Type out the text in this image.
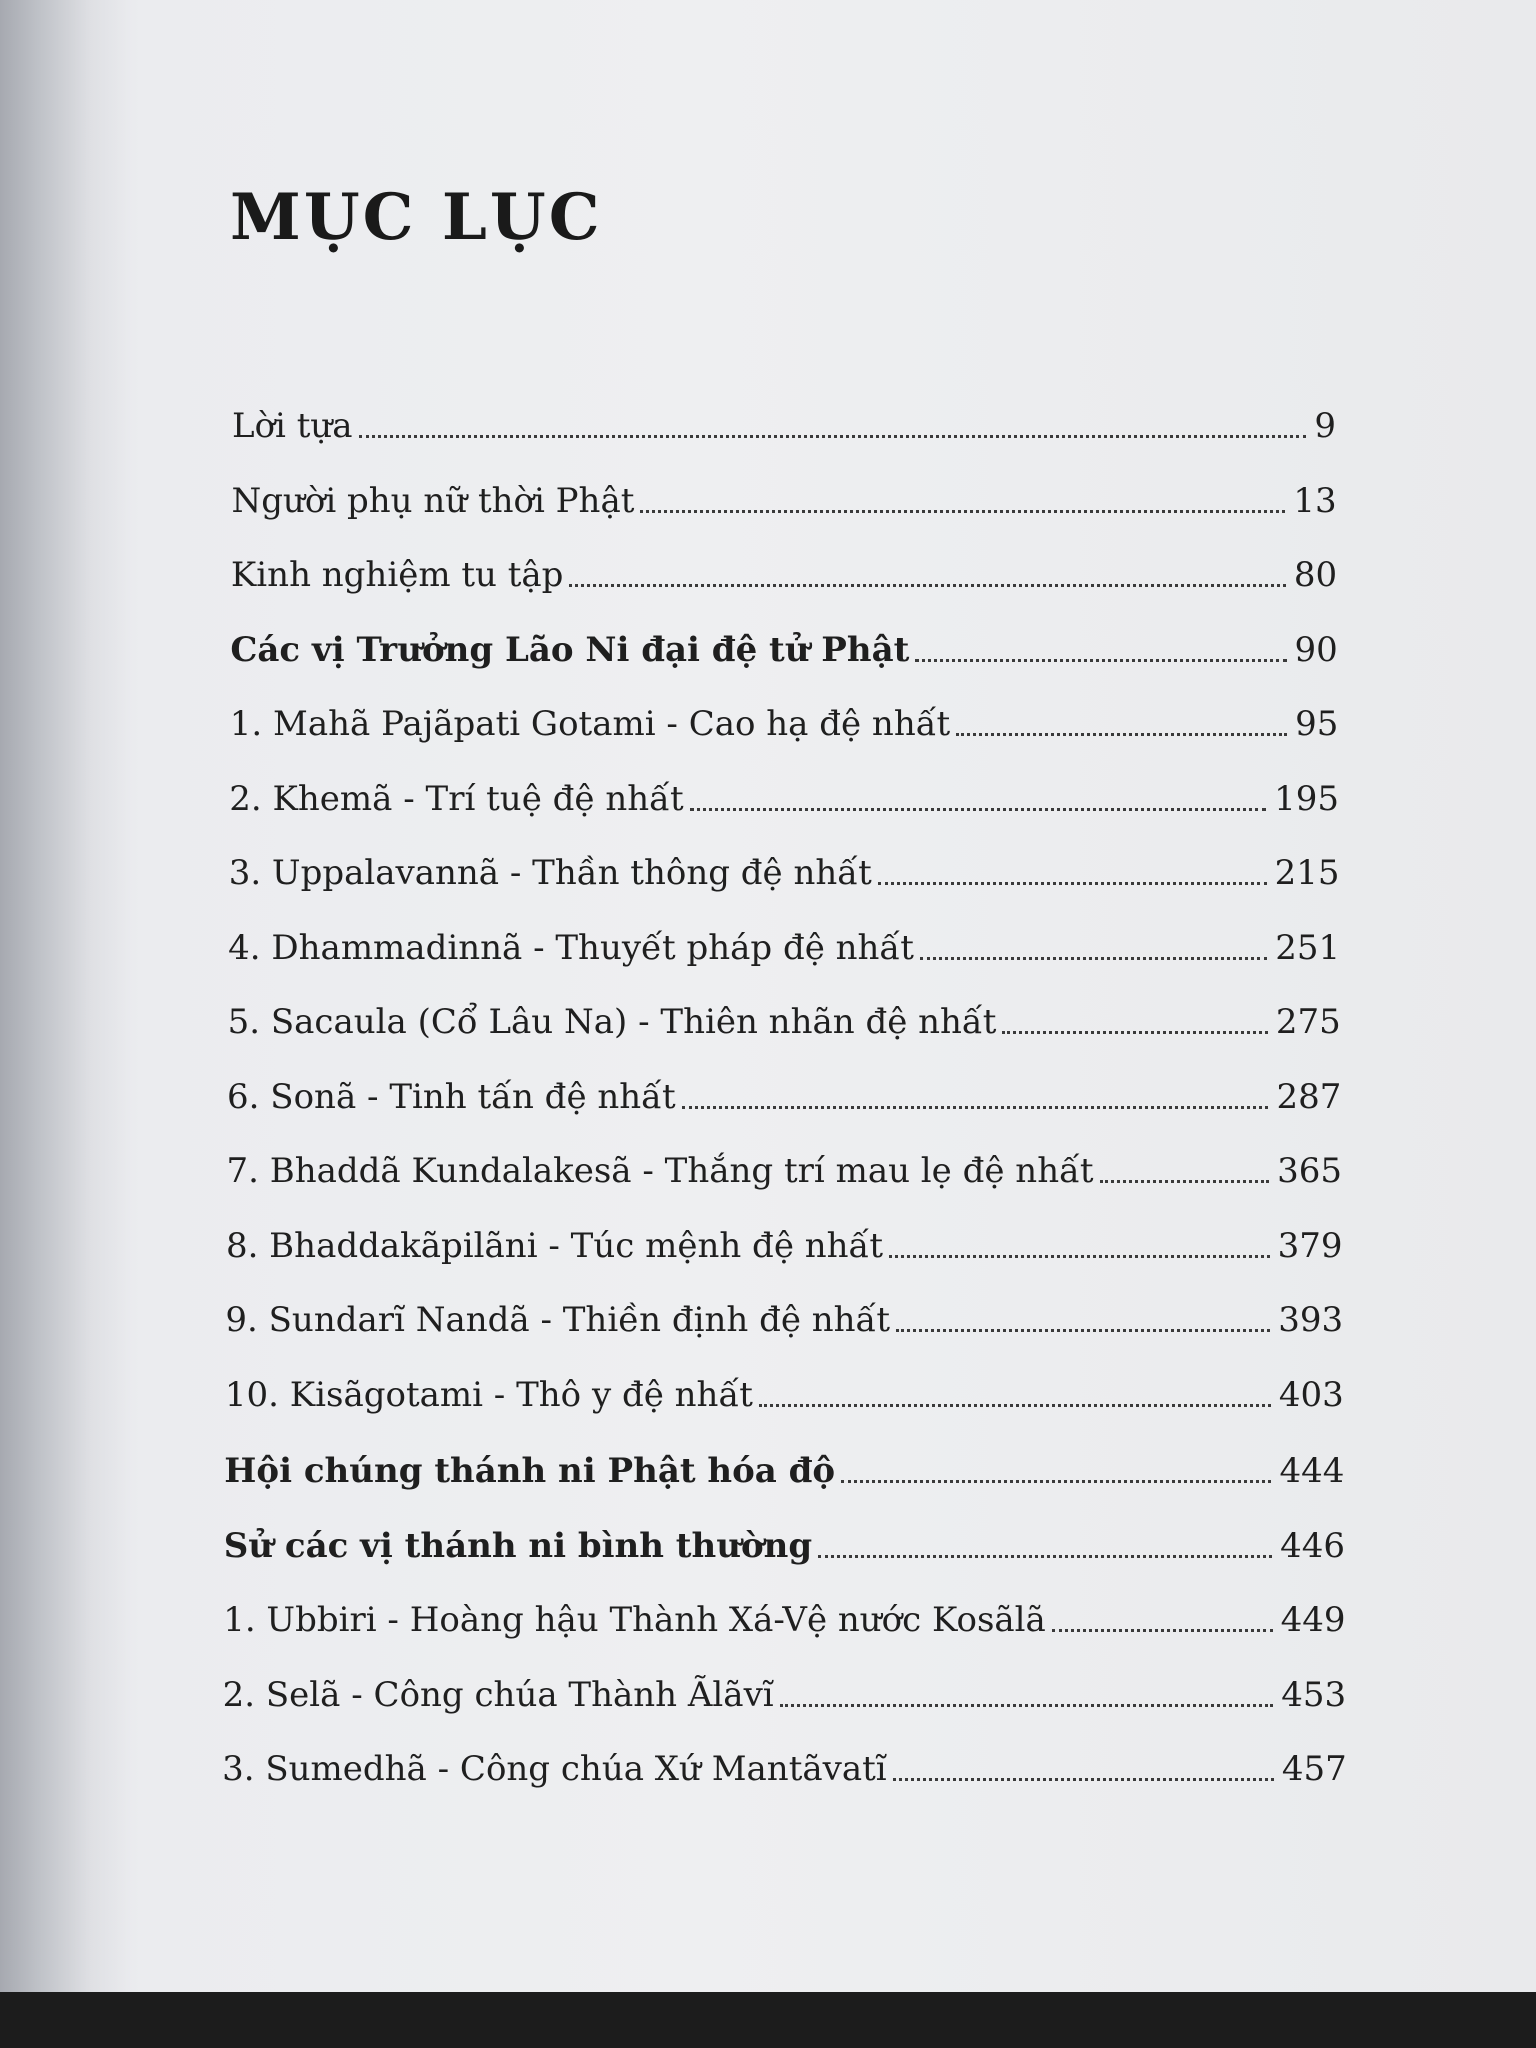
MỤC LỤC
Lời tựa	9
Người phụ nữ thời Phật	13
Kinh nghiệm tu tập	80
Các vị Trưởng Lão Ni đại đệ tử Phật	90
1. Mahã Pajãpati Gotami - Cao hạ đệ nhất	95
2. Khemã - Trí tuệ đệ nhất	195
3. Uppalavannã - Thần thông đệ nhất	215
4. Dhammadinnã - Thuyết pháp đệ nhất	251
5. Sacaula (Cổ Lâu Na) - Thiên nhãn đệ nhất	275
6. Sonã - Tinh tấn đệ nhất	287
7. Bhaddã Kundalakesã - Thắng trí mau lẹ đệ nhất	365
8. Bhaddakãpilãni - Túc mệnh đệ nhất	379
9. Sundarĩ Nandã - Thiền định đệ nhất	393
10. Kisãgotami - Thô y đệ nhất	403
Hội chúng thánh ni Phật hóa độ	444
Sử các vị thánh ni bình thường	446
1. Ubbiri - Hoàng hậu Thành Xá-Vệ nước Kosãlã	449
2. Selã - Công chúa Thành Ãlãvĩ	453
3. Sumedhã - Công chúa Xứ Mantãvatĩ	457
